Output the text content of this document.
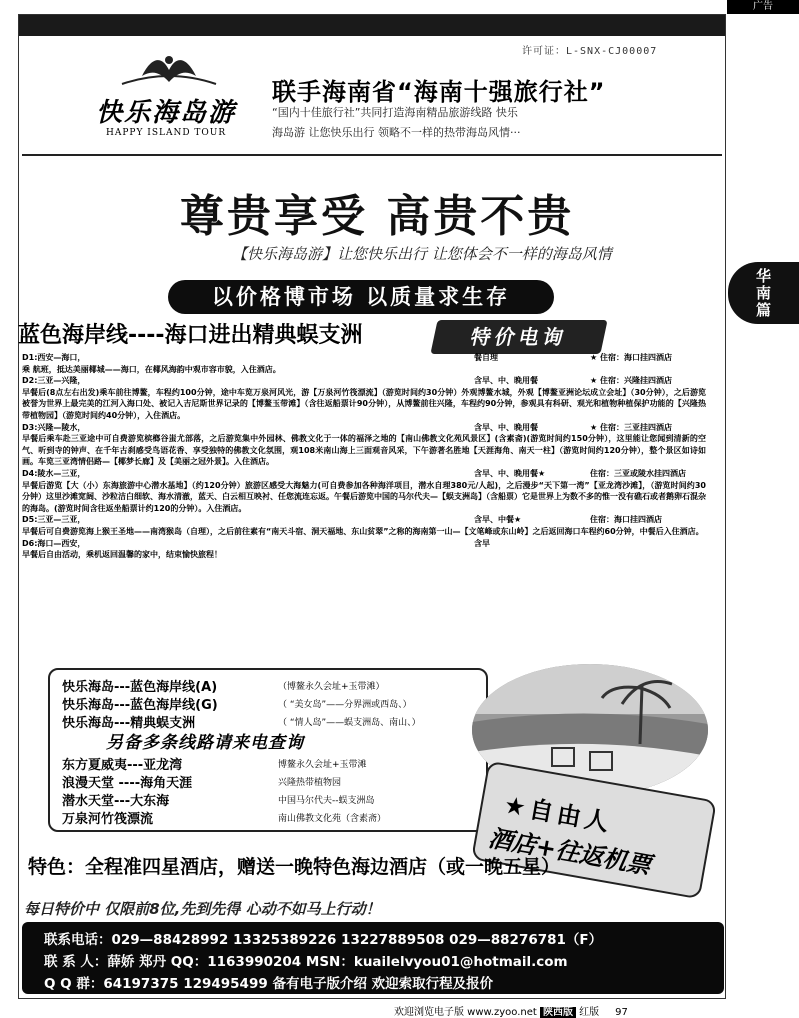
广告
华
南
篇
许可证：L-SNX-CJ00007
快乐海岛游
HAPPY ISLAND TOUR
联手海南省“海南十强旅行社”
“国内十佳旅行社”共同打造海南精品旅游线路 快乐
海岛游 让您快乐出行 领略不一样的热带海岛风情···
尊贵享受 高贵不贵
【快乐海岛游】让您快乐出行 让您体会不一样的海岛风情
以价格博市场 以质量求生存
蓝色海岸线----海口进出精典蜈支洲	特价电询
D1:西安—海口，	餐自理	★ 住宿：海口挂四酒店
乘 航班，抵达美丽椰城——海口，在椰风海韵中观市容市貌，入住酒店。
D2:三亚—兴隆，	含早、中、晚用餐	★ 住宿：兴隆挂四酒店
早餐后(8点左右出发)乘车前往博鳌，车程约100分钟，途中车览万泉河风光，游【万泉河竹筏漂流】（游览时间约30分钟）外观博鳌水城，外观【博鳌亚洲论坛成立会址】（30分钟），之后游览被誉为世界上最完美的江河入海口处、被记入吉尼斯世界记录的【博鳌玉带滩】（含往返船票计90分钟），从博鳌前往兴隆，车程约90分钟，参观具有科研、观光和植物种植保护功能的【兴隆热带植物园】（游览时间约40分钟），入住酒店。
D3:兴隆—陵水，	含早、中、晚用餐	★ 住宿：三亚挂四酒店
早餐后乘车赴三亚途中可自费游览槟榔谷蚩尤部落，之后游览集中外园林、佛教文化于一体的福泽之地的【南山佛教文化苑风景区】(含素斋)(游览时间约150分钟），这里能让您闻到清新的空气、听到寺的钟声、在千年古刹感受鸟语花香、享受独特的佛教文化氛围，观108米南山海上三面观音风采，下午游著名胜地【天涯海角、南天一柱】（游览时间约120分钟），整个景区如诗如画。车览三亚湾情侣路—【椰梦长廊】及【美丽之冠外景】。入住酒店。
D4:陵水—三亚，	含早、中、晚用餐★	住宿：三亚或陵水挂四酒店
早餐后游览【大（小）东海旅游中心潜水基地】（约120分钟）旅游区感受大海魅力(可自费参加各种海洋项目，潜水自理380元/人起)，之后漫步“天下第一湾”【亚龙湾沙滩】，（游览时间约30分钟）这里沙滩宽阔、沙粒洁白细软、海水清澈，蓝天、白云相互映衬、任您流连忘返。午餐后游览中国的马尔代夫—【蜈支洲岛】（含船票）它是世界上为数不多的惟一没有礁石或者鹅卵石混杂的海岛。(游览时间含往返坐船票计约120的分钟）。入住酒店。
D5:三亚—三亚，	含早、中餐★	住宿：海口挂四酒店
早餐后可自费游览海上猴王圣地——南湾猴岛（自理），之后前往素有“南天斗宿、洞天福地、东山贫翠”之称的海南第一山—【文笔峰或东山岭】之后返回海口车程约60分钟，中餐后入住酒店。
D6:海口—西安，	含早
早餐后自由活动，乘机返回温馨的家中，结束愉快旅程！
快乐海岛---蓝色海岸线(A)	（博鳌永久会址+玉带滩）
快乐海岛---蓝色海岸线(G)	（ “美女岛”——分界洲或西岛、）
快乐海岛---精典蜈支洲	（ “情人岛”——蜈支洲岛、南山、）
东方夏威夷---亚龙湾	博鳌永久会址+玉带滩
浪漫天堂 ----海角天涯	兴隆热带植物园
潜水天堂---大东海	中国马尔代夫--蜈支洲岛
万泉河竹筏漂流	南山佛教文化苑（含素斋）
另备多条线路请来电查询
★自由人
酒店+往返机票
特色：全程准四星酒店，赠送一晚特色海边酒店（或一晚五星）
每日特价中 仅限前8位,先到先得 心动不如马上行动！
联系电话：029—88428992 13325389226 13227889508 029—88276781（F）
联 系 人：薛娇 郑丹 QQ：1163990204 MSN：kuailelvyou01@hotmail.com
Q Q 群：64197375 129495499 备有电子版介绍 欢迎索取行程及报价
欢迎浏览电子版 www.zyoo.net 陕西版 红版 97
